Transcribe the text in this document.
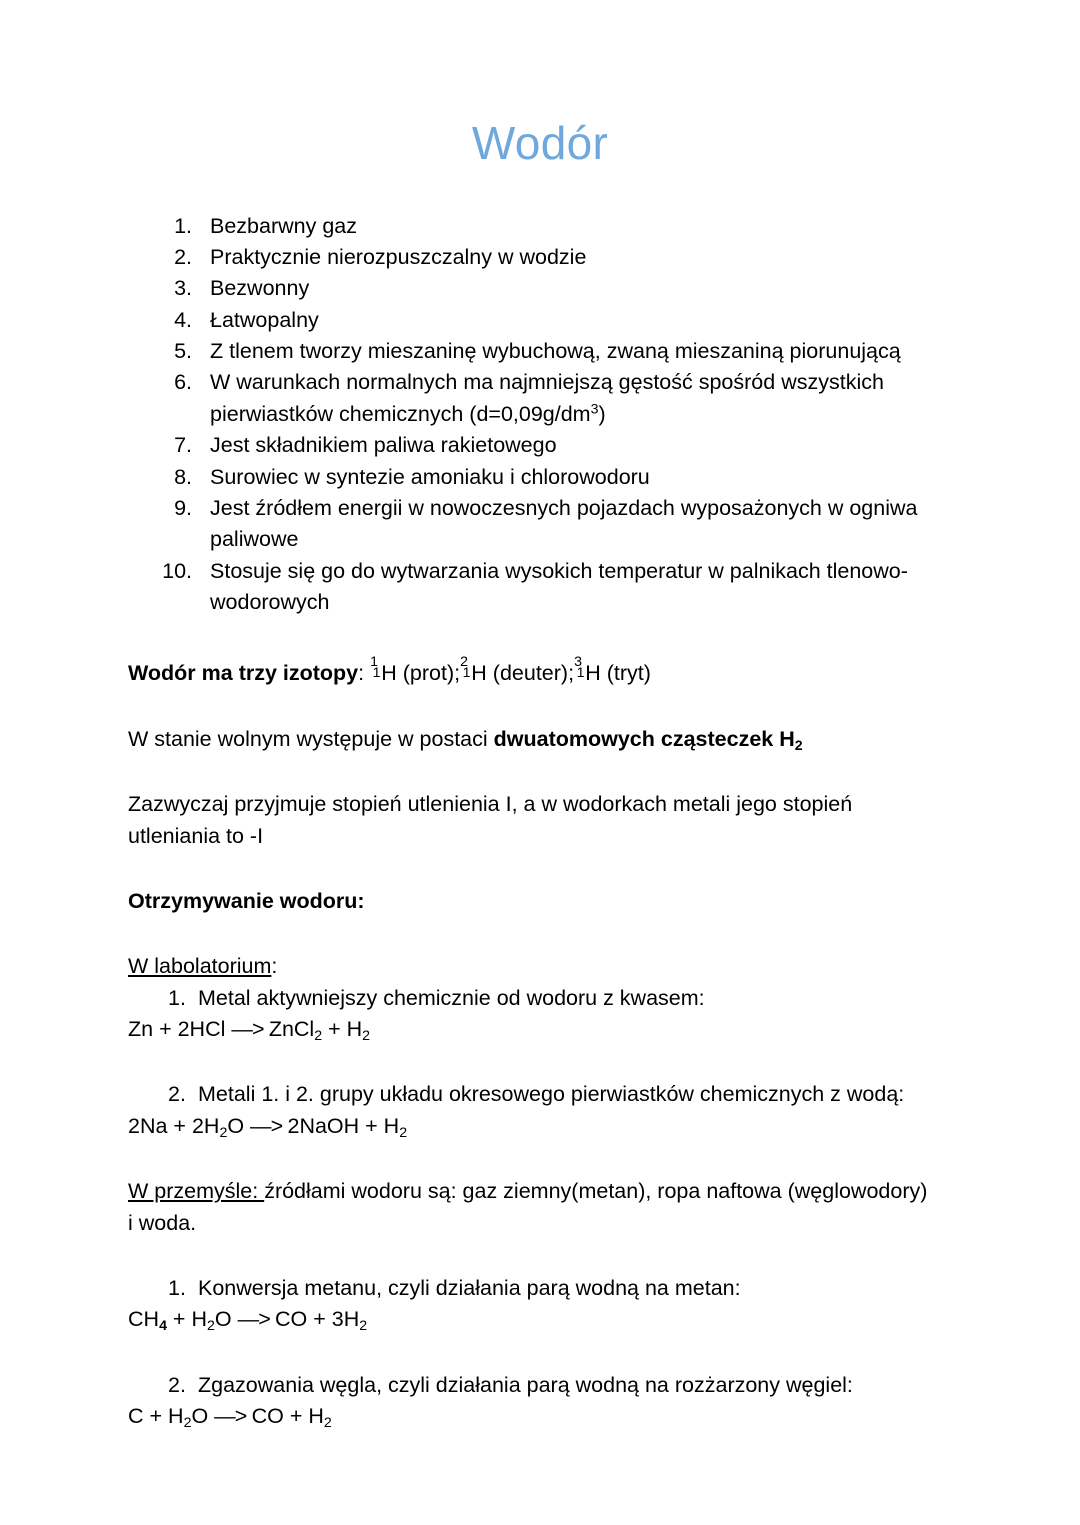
Wodór
1. Bezbarwny gaz
2. Praktycznie nierozpuszczalny w wodzie
3. Bezwonny
4. Łatwopalny
5. Z tlenem tworzy mieszaninę wybuchową, zwaną mieszaniną piorunującą
6. W warunkach normalnych ma najmniejszą gęstość spośród wszystkich pierwiastków chemicznych $(d=0,09g/dm^3)$
7. Jest składnikiem paliwa rakietowego
8. Surowiec w syntezie amoniaku i chlorowodoru
9. Jest źródłem energii w nowoczesnych pojazdach wyposażonych w ogniwa paliwowe
10. Stosuje się go do wytwarzania wysokich temperatur w palnikach tlenowo-wodorowych

Wodór ma trzy izotopy: 1
1 H (prot); 2
1 H (deuter); 3
1 H (tryt)

W stanie wolnym występuje w postaci dwuatomowych cząsteczek $H_2$

Zazwyczaj przyjmuje stopień utlenienia I, a w wodorkach metali jego stopień
utleniania to -I

Otrzymywanie wodoru:

W labolatorium:

1. Metal aktywniejszy chemicznie od wodoru z kwasem:

Zn + 2HCl —> ZnCl$_2$ + $H_2$

2. Metali 1. i 2. grupy układu okresowego pierwiastków chemicznych z wodą:

$2Na + 2H_2O$ —> 2NaOH + $H_2$

W przemyśle: źródłami wodoru są: gaz ziemny(metan), ropa naftowa (węglowodory)
i woda.

1. Konwersja metanu, czyli działania parą wodną na metan:

$CH_4 + H_2O$ —> CO + $3H_2$

2. Zgazowania węgla, czyli działania parą wodną na rozżarzony węgiel:

$C + H_2O$ —> CO + $H_2$
